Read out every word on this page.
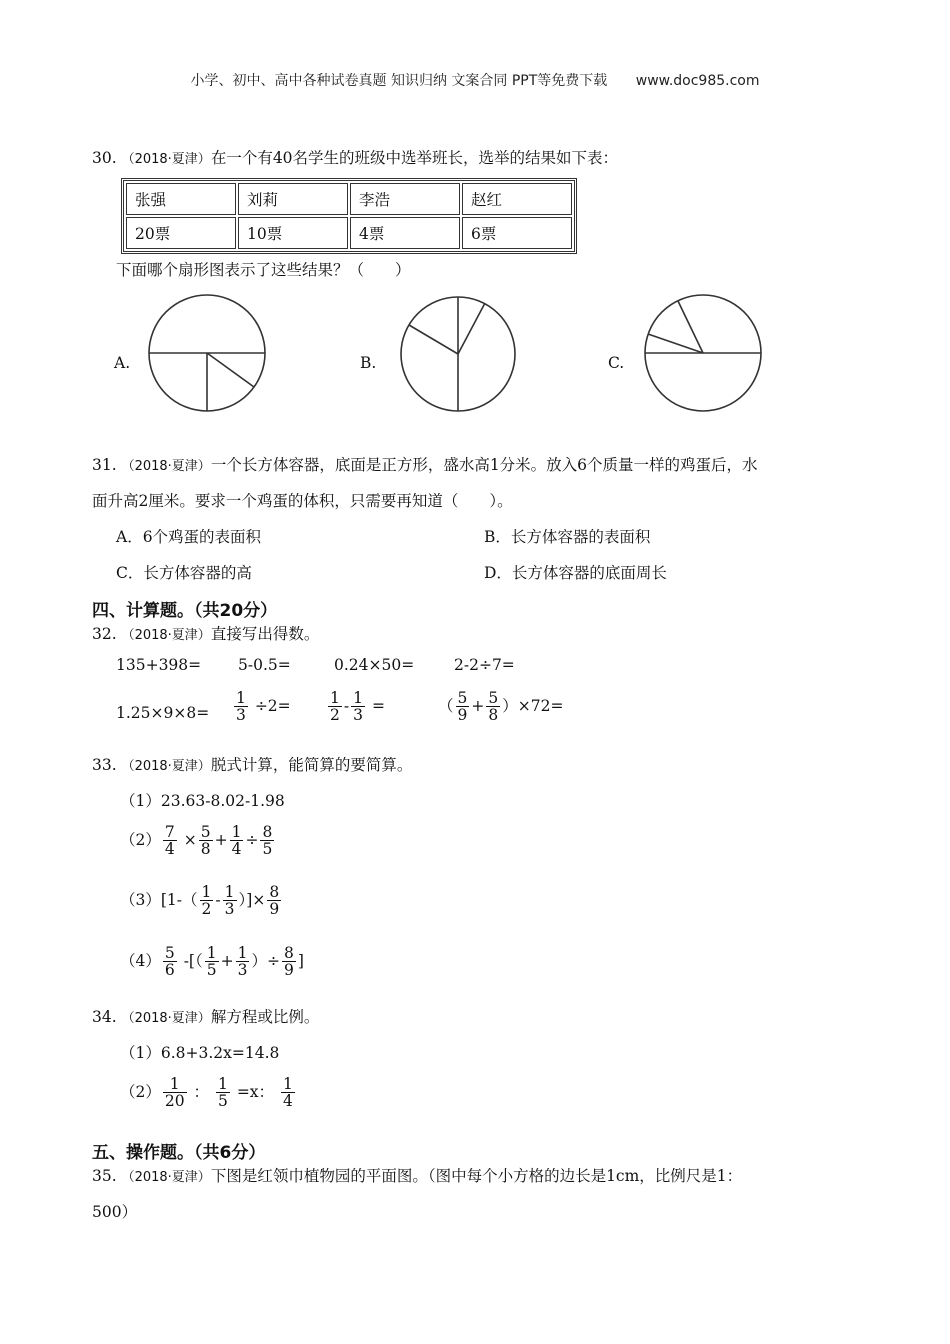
小学、初中、高中各种试卷真题 知识归纳 文案合同 PPT等免费下载 www.doc985.com
30. （2018·夏津）在一个有40名学生的班级中选举班长，选举的结果如下表：
张强	刘莉	李浩	赵红
20票	10票	4票	6票
下面哪个扇形图表示了这些结果？（　　）
A.	B.	C.
31. （2018·夏津）一个长方体容器，底面是正方形，盛水高1分米。放入6个质量一样的鸡蛋后，水
面升高2厘米。要求一个鸡蛋的体积，只需要再知道（　　）。
A．6个鸡蛋的表面积	B．长方体容器的表面积
C．长方体容器的高	D．长方体容器的底面周长
四、计算题。（共20分）
32. （2018·夏津）直接写出得数。
135+398= 5-0.5=	0.24×50=	2-2÷7=
$1.25\times 9\times 8= \frac{1}{3} \div 2= \frac{1}{2} - \frac{1}{3}$ =	（ $\frac{5}{9} + \frac{5}{8} )\times 72=$
33. （2018·夏津）脱式计算，能简算的要简算。
（1）23.63-8.02-1.98
$(2) \frac{7}{4} \times \frac{5}{8} + \frac{1}{4} \div \frac{8}{5}$
$(3)[1-( \frac{1}{2} - \frac{1}{3}$ ）]× $\frac{8}{9}$
$(4) \frac{5}{6}$ -[（ $\frac{1}{5} + \frac{1}{3}$ ）÷ $\frac{8}{9}$ ]
34. （2018·夏津）解方程或比例。
（1）6.8+3.2x=14.8
$(2) \frac{1}{20}$ ： $\frac{1}{5} =x$： $\frac{1}{4}$
五、操作题。（共6分）
35. （2018·夏津）下图是红领巾植物园的平面图。（图中每个小方格的边长是1cm，比例尺是1：
500）
